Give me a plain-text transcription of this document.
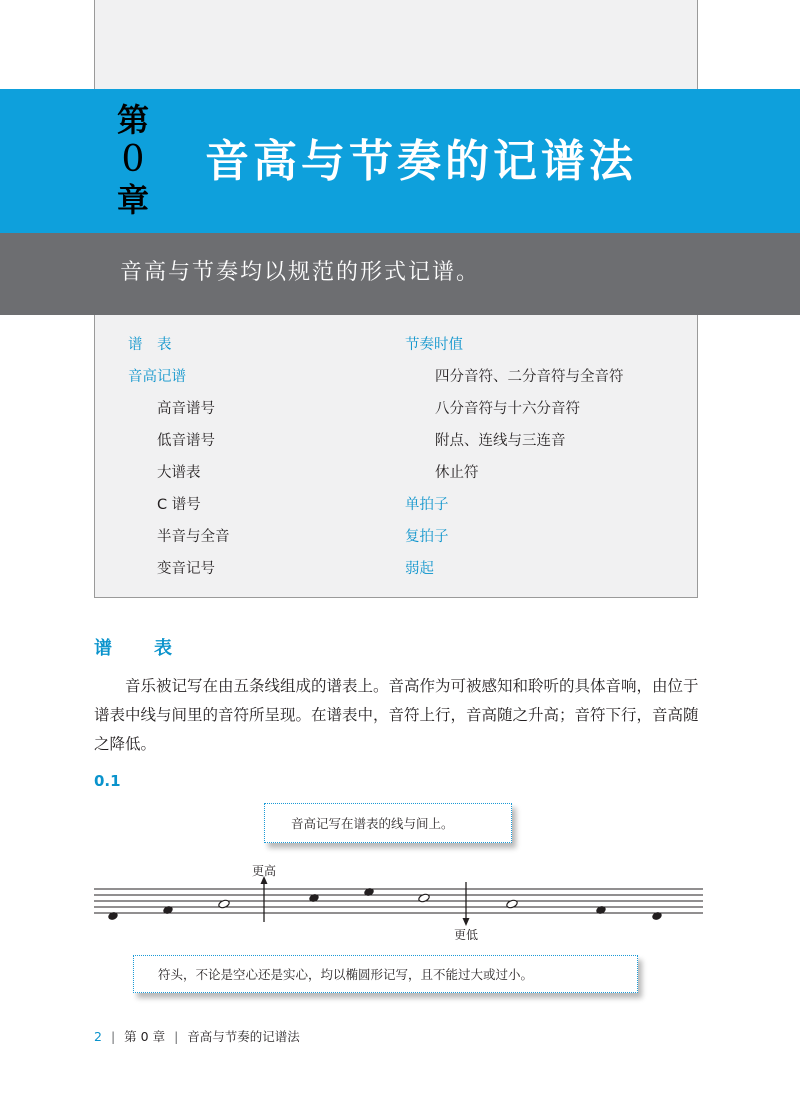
第
0
章
音高与节奏的记谱法
音高与节奏均以规范的形式记谱。
谱　表
音高记谱
高音谱号
低音谱号
大谱表
C 谱号
半音与全音
变音记号
节奏时值
四分音符、二分音符与全音符
八分音符与十六分音符
附点、连线与三连音
休止符
单拍子
复拍子
弱起
谱　表

音乐被记写在由五条线组成的谱表上。音高作为可被感知和聆听的具体音响，由位于谱表中线与间里的音符所呈现。在谱表中，音符上行，音高随之升高；音符下行，音高随之降低。

0.1
音高记写在谱表的线与间上。
更高
更低
符头，不论是空心还是实心，均以椭圆形记写，且不能过大或过小。
2 | 第 0 章 | 音高与节奏的记谱法
